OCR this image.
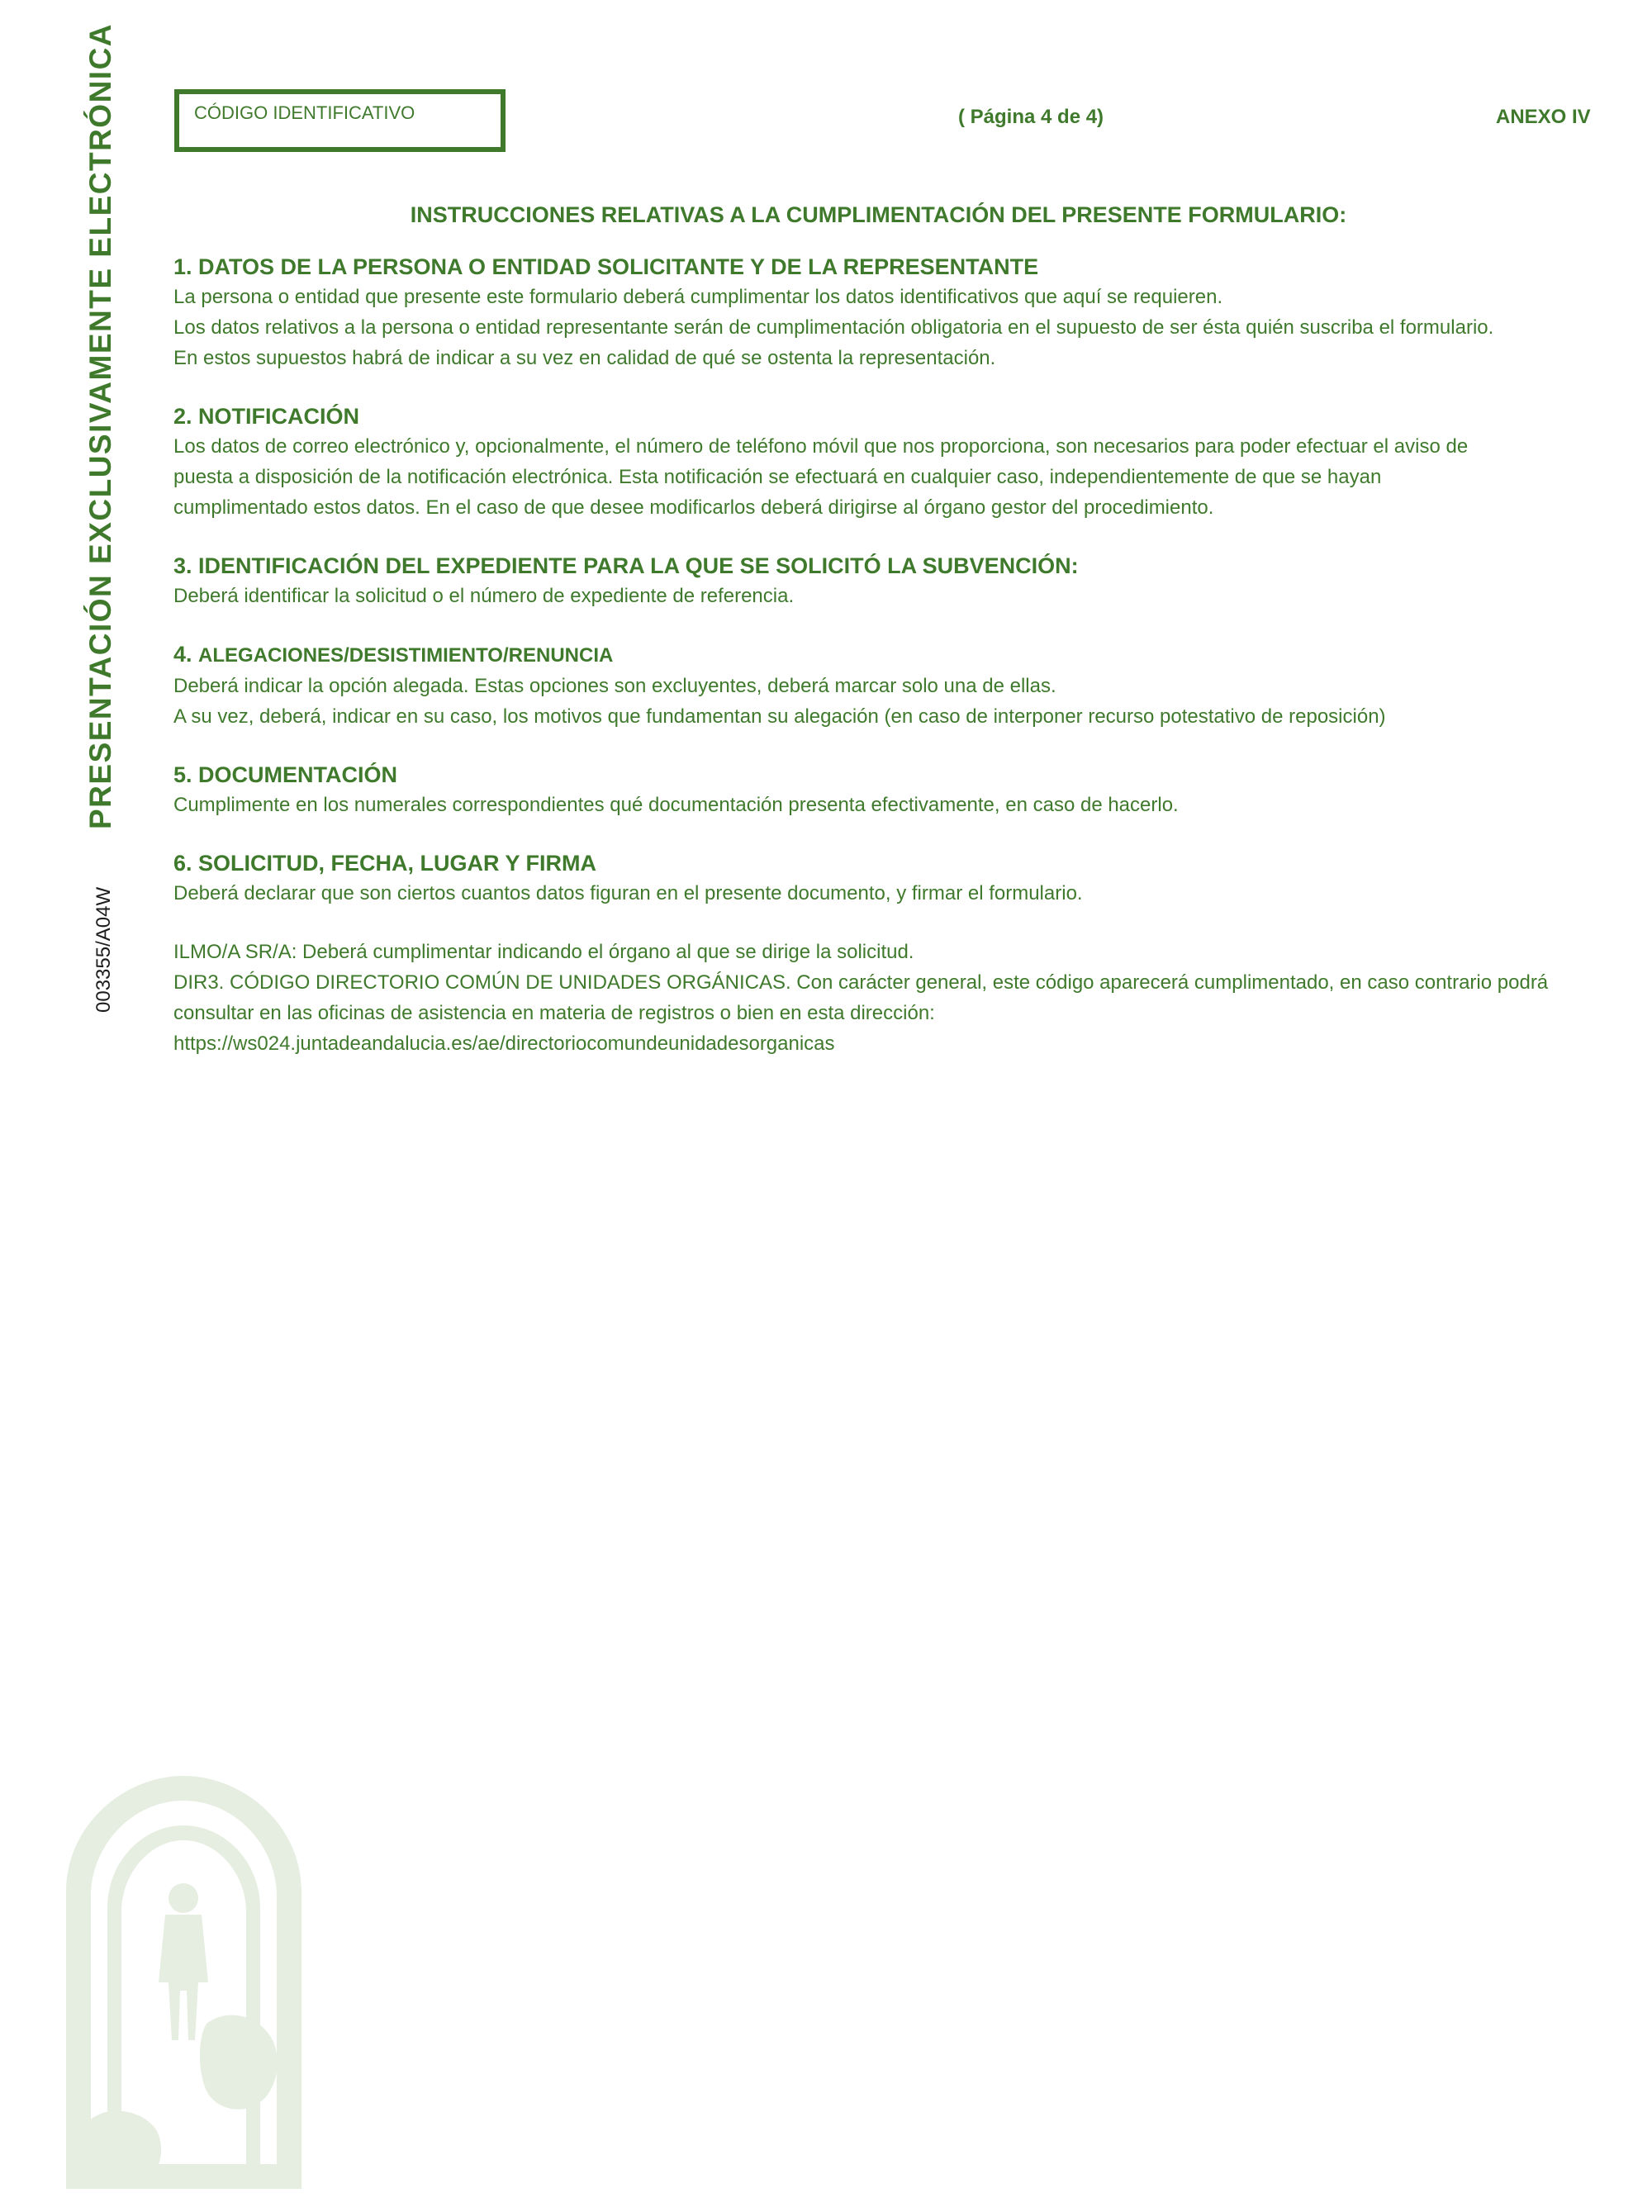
PRESENTACIÓN EXCLUSIVAMENTE ELECTRÓNICA
003355/A04W
CÓDIGO IDENTIFICATIVO	( Página 4 de 4)	ANEXO IV
INSTRUCCIONES RELATIVAS A LA CUMPLIMENTACIÓN DEL PRESENTE FORMULARIO:
1. DATOS DE LA PERSONA O ENTIDAD SOLICITANTE Y DE LA REPRESENTANTE

La persona o entidad que presente este formulario deberá cumplimentar los datos identificativos que aquí se requieren.

Los datos relativos a la persona o entidad representante serán de cumplimentación obligatoria en el supuesto de ser ésta quién suscriba el formulario.

En estos supuestos habrá de indicar a su vez en calidad de qué se ostenta la representación.

2. NOTIFICACIÓN

Los datos de correo electrónico y, opcionalmente, el número de teléfono móvil que nos proporciona, son necesarios para poder efectuar el aviso de

puesta a disposición de la notificación electrónica. Esta notificación se efectuará en cualquier caso, independientemente de que se hayan

cumplimentado estos datos. En el caso de que desee modificarlos deberá dirigirse al órgano gestor del procedimiento.

3. IDENTIFICACIÓN DEL EXPEDIENTE PARA LA QUE SE SOLICITÓ LA SUBVENCIÓN:

Deberá identificar la solicitud o el número de expediente de referencia.

4. ALEGACIONES/DESISTIMIENTO/RENUNCIA

Deberá indicar la opción alegada. Estas opciones son excluyentes, deberá marcar solo una de ellas.

A su vez, deberá, indicar en su caso, los motivos que fundamentan su alegación (en caso de interponer recurso potestativo de reposición)

5. DOCUMENTACIÓN

Cumplimente en los numerales correspondientes qué documentación presenta efectivamente, en caso de hacerlo.

6. SOLICITUD, FECHA, LUGAR Y FIRMA

Deberá declarar que son ciertos cuantos datos figuran en el presente documento, y firmar el formulario.

ILMO/A SR/A: Deberá cumplimentar indicando el órgano al que se dirige la solicitud.

DIR3. CÓDIGO DIRECTORIO COMÚN DE UNIDADES ORGÁNICAS. Con carácter general, este código aparecerá cumplimentado, en caso contrario podrá

consultar en las oficinas de asistencia en materia de registros o bien en esta dirección:

https://ws024.juntadeandalucia.es/ae/directoriocomundeunidadesorganicas
